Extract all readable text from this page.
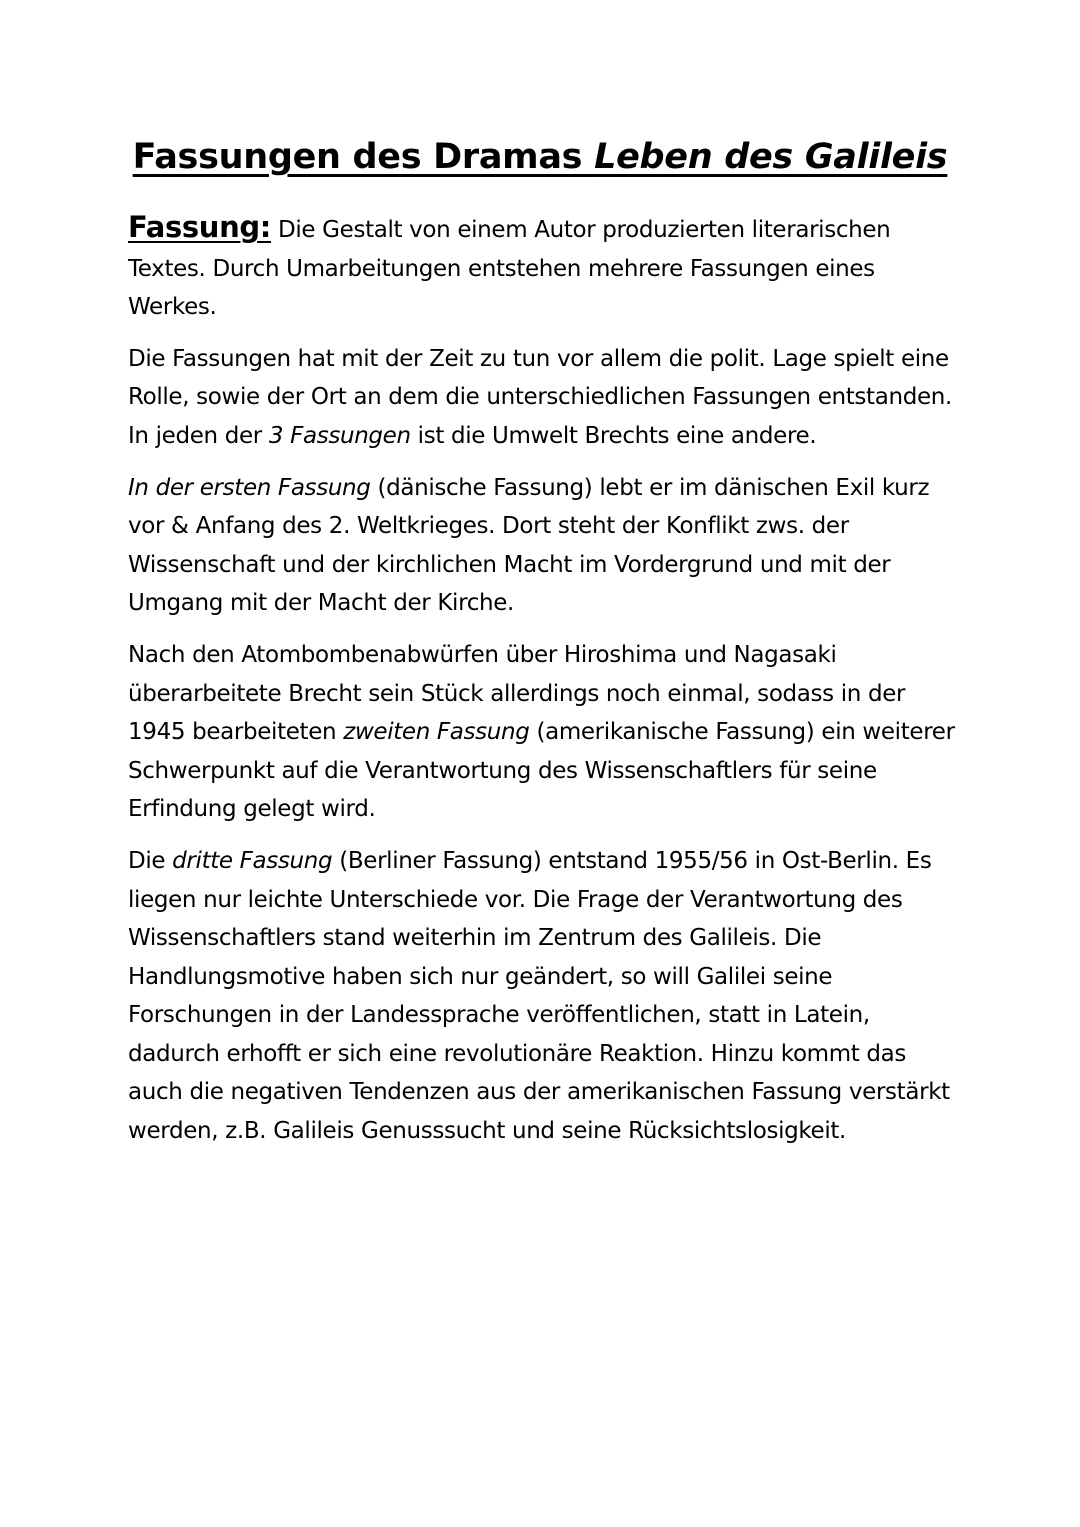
Fassungen des Dramas Leben des Galileis

Fassung: Die Gestalt von einem Autor produzierten literarischen Textes. Durch Umarbeitungen entstehen mehrere Fassungen eines Werkes.

Die Fassungen hat mit der Zeit zu tun vor allem die polit. Lage spielt eine Rolle, sowie der Ort an dem die unterschiedlichen Fassungen entstanden. In jeden der 3 Fassungen ist die Umwelt Brechts eine andere.

In der ersten Fassung (dänische Fassung) lebt er im dänischen Exil kurz vor & Anfang des 2. Weltkrieges. Dort steht der Konflikt zws. der Wissenschaft und der kirchlichen Macht im Vordergrund und mit der Umgang mit der Macht der Kirche.

Nach den Atombombenabwürfen über Hiroshima und Nagasaki überarbeitete Brecht sein Stück allerdings noch einmal, sodass in der 1945 bearbeiteten zweiten Fassung (amerikanische Fassung) ein weiterer Schwerpunkt auf die Verantwortung des Wissenschaftlers für seine Erfindung gelegt wird.

Die dritte Fassung (Berliner Fassung) entstand 1955/56 in Ost-Berlin. Es liegen nur leichte Unterschiede vor. Die Frage der Verantwortung des Wissenschaftlers stand weiterhin im Zentrum des Galileis. Die Handlungsmotive haben sich nur geändert, so will Galilei seine Forschungen in der Landessprache veröffentlichen, statt in Latein, dadurch erhofft er sich eine revolutionäre Reaktion. Hinzu kommt das auch die negativen Tendenzen aus der amerikanischen Fassung verstärkt werden, z.B. Galileis Genusssucht und seine Rücksichtslosigkeit.
